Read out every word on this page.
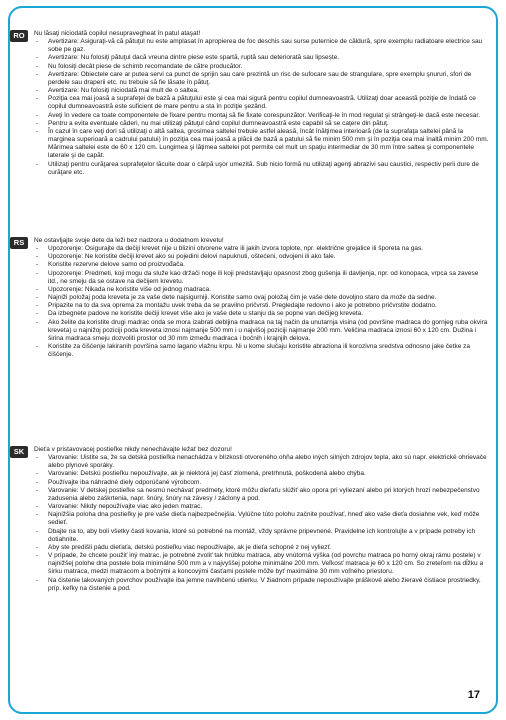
RO	Nu lăsaţi niciodată copilul nesupravegheat în patul ataşat!
- Avertizare: Asiguraţi-vă că pătuţul nu este amplasat în apropierea de foc deschis sau surse puternice de căldură, spre exemplu radiatoare electrice sau sobe pe gaz.
- Avertizare: Nu folosiţi pătuţul dacă vreuna dintre piese este spartă, ruptă sau deteriorată sau lipsește.
- Nu folosiţi decât piese de schimb recomandate de către producător.
- Avertizare: Obiectele care ar putea servi ca punct de sprijin sau care prezintă un risc de sufocare sau de strangulare, spre exemplu şnururi, sfori de perdele sau draperii etc. nu trebuie să fie lăsate în pătuţ.
- Avertizare: Nu folosiţi niciodată mai mult de o saltea.
- Poziţia cea mai joasă a suprafeţei de bază a pătuţului este şi cea mai sigură pentru copilul dumneavoastră. Utilizaţi doar această poziţie de îndată ce copilul dumneavoastră este suficient de mare pentru a sta în poziţie şezând.
- Aveţi în vedere ca toate componentele de fixare pentru montaj să fie fixate corespunzător. Verificaţi-le în mod regulat şi strângeţi-le dacă este necesar.
- Pentru a evita eventuale căderi, nu mai utilizaţi pătuţul când copilul dumneavoastră este capabil să se caţere din pătuţ.
- În cazul în care veţi dori să utilizaţi o altă saltea, grosimea saltelei trebuie astfel aleasă, încât înălţimea interioară (de la suprafaţa saltelei până la marginea superioară a cadrului patului) în poziţia cea mai joasă a plăcii de bază a patului să fie minim 500 mm şi în poziţia cea mai înaltă minim 200 mm. Mărimea saltelei este de 60 x 120 cm. Lungimea şi lăţimea saltelei pot permite cel mult un spaţiu intermediar de 30 mm între saltea şi componentele laterale şi de capăt.
- Utilizaţi pentru curăţarea suprafeţelor lăcuite doar o cârpă uşor umezită. Sub nicio formă nu utilizaţi agenţi abrazivi sau caustici, respectiv perii dure de curăţare etc.
RS	Ne ostavljajte svoje dete da leži bez nadzora u dodatnom krevetu!
- Upozorenje: Osigurajte da dečiji krevet nije u blizini otvorene vatre ili jakih izvora toplote, npr. električne grejalice ili šporeta na gas.
- Upozorenje: Ne koristite dečiji krevet ako su pojedini delovi napuknuti, oštećeni, odvojeni ili ako fale.
- Koristite rezervne delove samo od proizvođača.
- Upozorenje: Predmeti, koji mogu da služe kao držači noge ili koji predstavljaju opasnost zbog gušenja ili davljenja, npr. od konopaca, vrpca sa zavese itd., ne smeju da se ostave na dečijem krevetu.
- Upozorenje: Nikada ne koristite više od jednog madraca.
- Najniži položaj poda kreveta je za vaše dete najsigurniji. Koristite samo ovaj položaj čim je vaše dete dovoljno staro da može da sedne.
- Pripazite na to da sva oprema za montažu uvek treba da se pravilno pričvrsti. Pregledajte redovno i ako je potrebno pričvrstite dodatno.
- Da izbegnete padove ne koristite dečiji krevet više ako je vaše dete u stanju da se popne van dečijeg kreveta.
- Ako želite da koristite drugi madrac onda se mora izabrati debljina madraca na taj način da unutarnja visina (od površine madraca do gornjeg ruba okvira kreveta) u najnižoj poziciji poda kreveta iznosi najmanje 500 mm i u najvišoj poziciji najmanje 200 mm. Veličina madraca iznosi 60 x 120 cm. Dužina i širina madraca smeju dozvoliti prostor od 30 mm između madraca i bočnih i krajnjih delova.
- Koristite za čišćenje lakiranih površina samo lagano vlažnu krpu. Ni u kome slučaju koristite abraziona ili korozivna sredstva odnosno jake četke za čišćenje.
SK	Dieťa v pristavovacej postieľke nikdy nenechávajte ležať bez dozoru!
- Varovanie: Uistite sa, že sa detská postieľka nenachádza v blízkosti otvoreného ohňa alebo iných silných zdrojov tepla, ako sú napr. elektrické ohrievače alebo plynové sporáky.
- Varovanie: Detskú postieľku nepoužívajte, ak je niektorá jej časť zlomená, pretrhnutá, poškodená alebo chýba.
- Používajte iba náhradné diely odporúčané výrobcom.
- Varovanie: V detskej postieľke sa nesmú nechávať predmety, ktoré môžu dieťaťu slúžiť ako opora pri vyliezaní alebo pri ktorých hrozí nebezpečenstvo zadusenia alebo zaškrtenia, napr. šnúry, šnúry na závesy / záclony a pod.
- Varovanie: Nikdy nepoužívajte viac ako jeden matrac.
- Najnižšia poloha dna postieľky je pre vaše dieťa najbezpečnejšia. Vylúčne túto polohu začnite používať, hneď ako vaše dieťa dosiahne vek, keď môže sedieť.
- Dbajte na to, aby boli všetky časti kovania, ktoré sú potrebné na montáž, vždy správne pripevnené. Pravidelne ich kontrolujte a v prípade potreby ich dotiahnite.
- Aby ste predišli pádu dieťaťa, detskú postieľku viac nepoužívajte, ak je dieťa schopné z nej vyliezť.
- V prípade, že chcete použiť iný matrac, je potrebné zvoliť tak hrúbku matraca, aby vnútorná výška (od povrchu matraca po horný okraj rámu postele) v najnižšej polohe dna postele bola minimálne 500 mm a v najvyššej polohe minimálne 200 mm. Veľkosť matraca je 60 x 120 cm. So zreteľom na dĺžku a šírku matraca, medzi matracom a bočnými a koncovými časťami postele môže byť maximálne 30 mm voľného priestoru.
- Na čistenie lakovaných povrchov používajte iba jemne navlhčenú utierku. V žiadnom prípade nepoužívajte práškové alebo žieravé čistiace prostriedky, príp. kefky na čistenie a pod.
17
